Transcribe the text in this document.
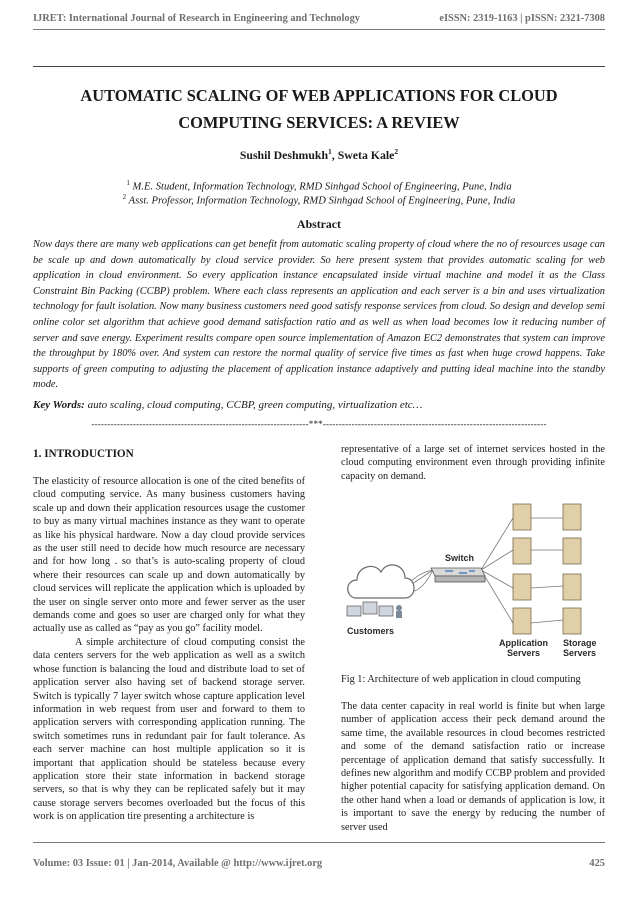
IJRET: International Journal of Research in Engineering and Technology	eISSN: 2319-1163 | pISSN: 2321-7308
AUTOMATIC SCALING OF WEB APPLICATIONS FOR CLOUD
COMPUTING SERVICES: A REVIEW
Sushil Deshmukh$^1$, Sweta Kale$^2$
$^1$ M.E. Student, Information Technology, RMD Sinhgad School of Engineering, Pune, India
$^2$ Asst. Professor, Information Technology, RMD Sinhgad School of Engineering, Pune, India
Abstract
Now days there are many web applications can get benefit from automatic scaling property of cloud where the no of resources usage can be scale up and down automatically by cloud service provider. So here present system that provides automatic scaling for web application in cloud environment. So every application instance encapsulated inside virtual machine and model it as the Class Constraint Bin Packing (CCBP) problem. Where each class represents an application and each server is a bin and uses virtualization technology for fault isolation. Now many business customers need good satisfy response services from cloud. So design and develop semi online color set algorithm that achieve good demand satisfaction ratio and as well as when load becomes low it reducing number of server and save energy. Experiment results compare open source implementation of Amazon EC2 demonstrates that system can improve the throughput by 180% over. And system can restore the normal quality of service five times as fast when huge crowd happens. Take supports of green computing to adjusting the placement of application instance adaptively and putting ideal machine into the standby mode.
Key Words: auto scaling, cloud computing, CCBP, green computing, virtualization etc…
--------------------------------------------------------------------***----------------------------------------------------------------------
1. INTRODUCTION

The elasticity of resource allocation is one of the cited benefits of cloud computing service. As many business customers having scale up and down their application resources usage the customer to buy as many virtual machines instance as they want to operate as like his physical hardware. Now a day cloud provide services as the user still need to decide how much resource are necessary and for how long . so that’s is auto-scaling property of cloud where their resources can scale up and down automatically by cloud services will replicate the application which is uploaded by the user on single server onto more and fewer server as the user demands come and goes so user are charged only for what they actually use as called as “pay as you go” facility model.

A simple architecture of cloud computing consist the data centers servers for the web application as well as a switch whose function is balancing the loud and distribute load to set of application server also having set of backend storage server. Switch is typically 7 layer switch whose capture application level information in web request from user and forward to them to application servers with corresponding application running. The switch sometimes runs in redundant pair for fault tolerance. As each server machine can host multiple application so it is important that application should be stateless because every application store their state information in backend storage servers, so that is why they can be replicated safely but it may cause storage servers becomes overloaded but the focus of this work is on application tire presenting a architecture is

representative of a large set of internet services hosted in the cloud computing environment even through providing infinite capacity on demand.

Customers
Switch
Application
Servers
Storage
Servers
Fig 1: Architecture of web application in cloud computing

The data center capacity in real world is finite but when large number of application access their peck demand around the same time, the available resources in cloud becomes restricted and some of the demand satisfaction ratio or increase percentage of application demand that satisfy successfully. It defines new algorithm and modify CCBP problem and provided higher potential capacity for satisfying application demand. On the other hand when a load or demands of application is low, it is important to save the energy by reducing the number of server used

Volume: 03 Issue: 01 | Jan-2014, Available @ http://www.ijret.org	425
